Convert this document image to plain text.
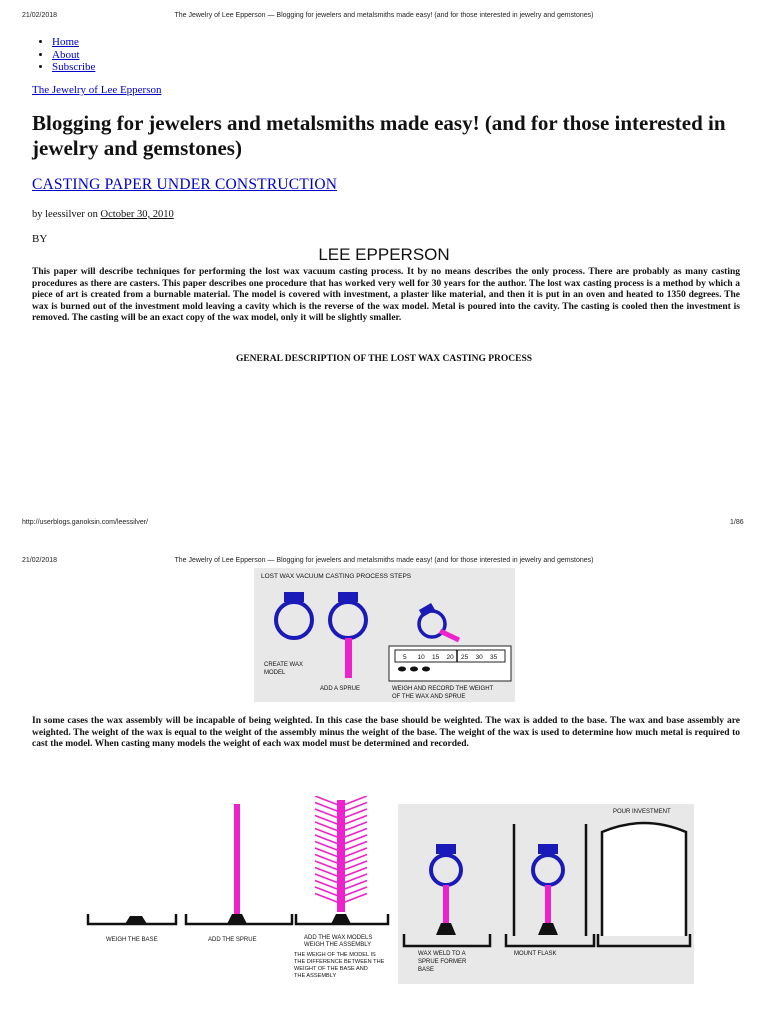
21/02/2018	The Jewelry of Lee Epperson — Blogging for jewelers and metalsmiths made easy! (and for those interested in jewelry and gemstones)
• Home
• About
• Subscribe
The Jewelry of Lee Epperson
Blogging for jewelers and metalsmiths made easy! (and for those interested in jewelry and gemstones)
CASTING PAPER UNDER CONSTRUCTION
by leessilver on October 30, 2010
BY
LEE EPPERSON

This paper will describe techniques for performing the lost wax vacuum casting process. It by no means describes the only process. There are probably as many casting procedures as there are casters. This paper describes one procedure that has worked very well for 30 years for the author. The lost wax casting process is a method by which a piece of art is created from a burnable material. The model is covered with investment, a plaster like material, and then it is put in an oven and heated to 1350 degrees. The wax is burned out of the investment mold leaving a cavity which is the reverse of the wax model. Metal is poured into the cavity. The casting is cooled then the investment is removed. The casting will be an exact copy of the wax model, only it will be slightly smaller.

GENERAL DESCRIPTION OF THE LOST WAX CASTING PROCESS
http://userblogs.ganoksin.com/leessilver/	1/86
21/02/2018	The Jewelry of Lee Epperson — Blogging for jewelers and metalsmiths made easy! (and for those interested in jewelry and gemstones)
LOST WAX VACUUM CASTING PROCESS STEPS
5 10 15 20 25 30 35
CREATE WAX
MODEL
ADD A SPRUE	WEIGH AND RECORD THE WEIGHT
OF THE WAX AND SPRUE

In some cases the wax assembly will be incapable of being weighted. In this case the base should be weighted. The wax is added to the base. The wax and base assembly are weighted. The weight of the wax is equal to the weight of the assembly minus the weight of the base. The weight of the wax is used to determine how much metal is required to cast the model. When casting many models the weight of each wax model must be determined and recorded.

WEIGH THE BASE	ADD THE SPRUE	ADD THE WAX MODELS
WEIGH THE ASSEMBLY
THE WEIGH OF THE MODEL IS
THE DIFFERENCE BETWEEN THE
WEIGHT OF THE BASE AND
THE ASSEMBLY
POUR INVESTMENT
WAX WELD TO A
SPRUE FORMER
BASE
MOUNT FLASK
